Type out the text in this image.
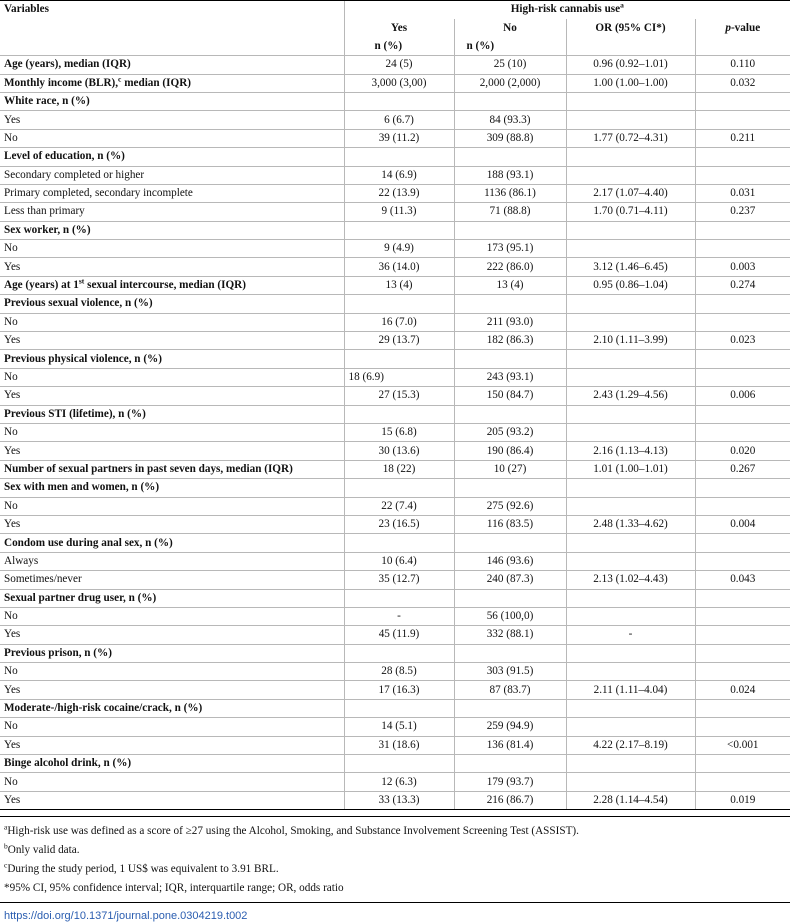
Variables	High-risk cannabis use$^a$
	Yes	No	OR (95% CI*)	p-value
	n (%)	n (%)		
Age (years), median (IQR)	24 (5)	25 (10)	0.96 (0.92–1.01)	0.110
Monthly income (BLR),$^c$ median (IQR)	3,000 (3,00)	2,000 (2,000)	1.00 (1.00–1.00)	0.032
White race, n (%)				
Yes	6 (6.7)	84 (93.3)		
No	39 (11.2)	309 (88.8)	1.77 (0.72–4.31)	0.211
Level of education, n (%)				
Secondary completed or higher	14 (6.9)	188 (93.1)		
Primary completed, secondary incomplete	22 (13.9)	1136 (86.1)	2.17 (1.07–4.40)	0.031
Less than primary	9 (11.3)	71 (88.8)	1.70 (0.71–4.11)	0.237
Sex worker, n (%)				
No	9 (4.9)	173 (95.1)		
Yes	36 (14.0)	222 (86.0)	3.12 (1.46–6.45)	0.003
Age (years) at 1st sexual intercourse, median (IQR)	13 (4)	13 (4)	0.95 (0.86–1.04)	0.274
Previous sexual violence, n (%)				
No	16 (7.0)	211 (93.0)		
Yes	29 (13.7)	182 (86.3)	2.10 (1.11–3.99)	0.023
Previous physical violence, n (%)				
No	18 (6.9)	243 (93.1)		
Yes	27 (15.3)	150 (84.7)	2.43 (1.29–4.56)	0.006
Previous STI (lifetime), n (%)				
No	15 (6.8)	205 (93.2)		
Yes	30 (13.6)	190 (86.4)	2.16 (1.13–4.13)	0.020
Number of sexual partners in past seven days, median (IQR)	18 (22)	10 (27)	1.01 (1.00–1.01)	0.267
Sex with men and women, n (%)				
No	22 (7.4)	275 (92.6)		
Yes	23 (16.5)	116 (83.5)	2.48 (1.33–4.62)	0.004
Condom use during anal sex, n (%)				
Always	10 (6.4)	146 (93.6)		
Sometimes/never	35 (12.7)	240 (87.3)	2.13 (1.02–4.43)	0.043
Sexual partner drug user, n (%)				
No	-	56 (100,0)		
Yes	45 (11.9)	332 (88.1)	-	
Previous prison, n (%)				
No	28 (8.5)	303 (91.5)		
Yes	17 (16.3)	87 (83.7)	2.11 (1.11–4.04)	0.024
Moderate-/high-risk cocaine/crack, n (%)				
No	14 (5.1)	259 (94.9)		
Yes	31 (18.6)	136 (81.4)	4.22 (2.17–8.19)	<0.001
Binge alcohol drink, n (%)				
No	12 (6.3)	179 (93.7)		
Yes	33 (13.3)	216 (86.7)	2.28 (1.14–4.54)	0.019
$^a$High-risk use was defined as a score of ≥27 using the Alcohol, Smoking, and Substance Involvement Screening Test (ASSIST).
$^b$Only valid data.
$^c$During the study period, 1 US$ was equivalent to 3.91 BRL.
*95% CI, 95% confidence interval; IQR, interquartile range; OR, odds ratio
https://doi.org/10.1371/journal.pone.0304219.t002
